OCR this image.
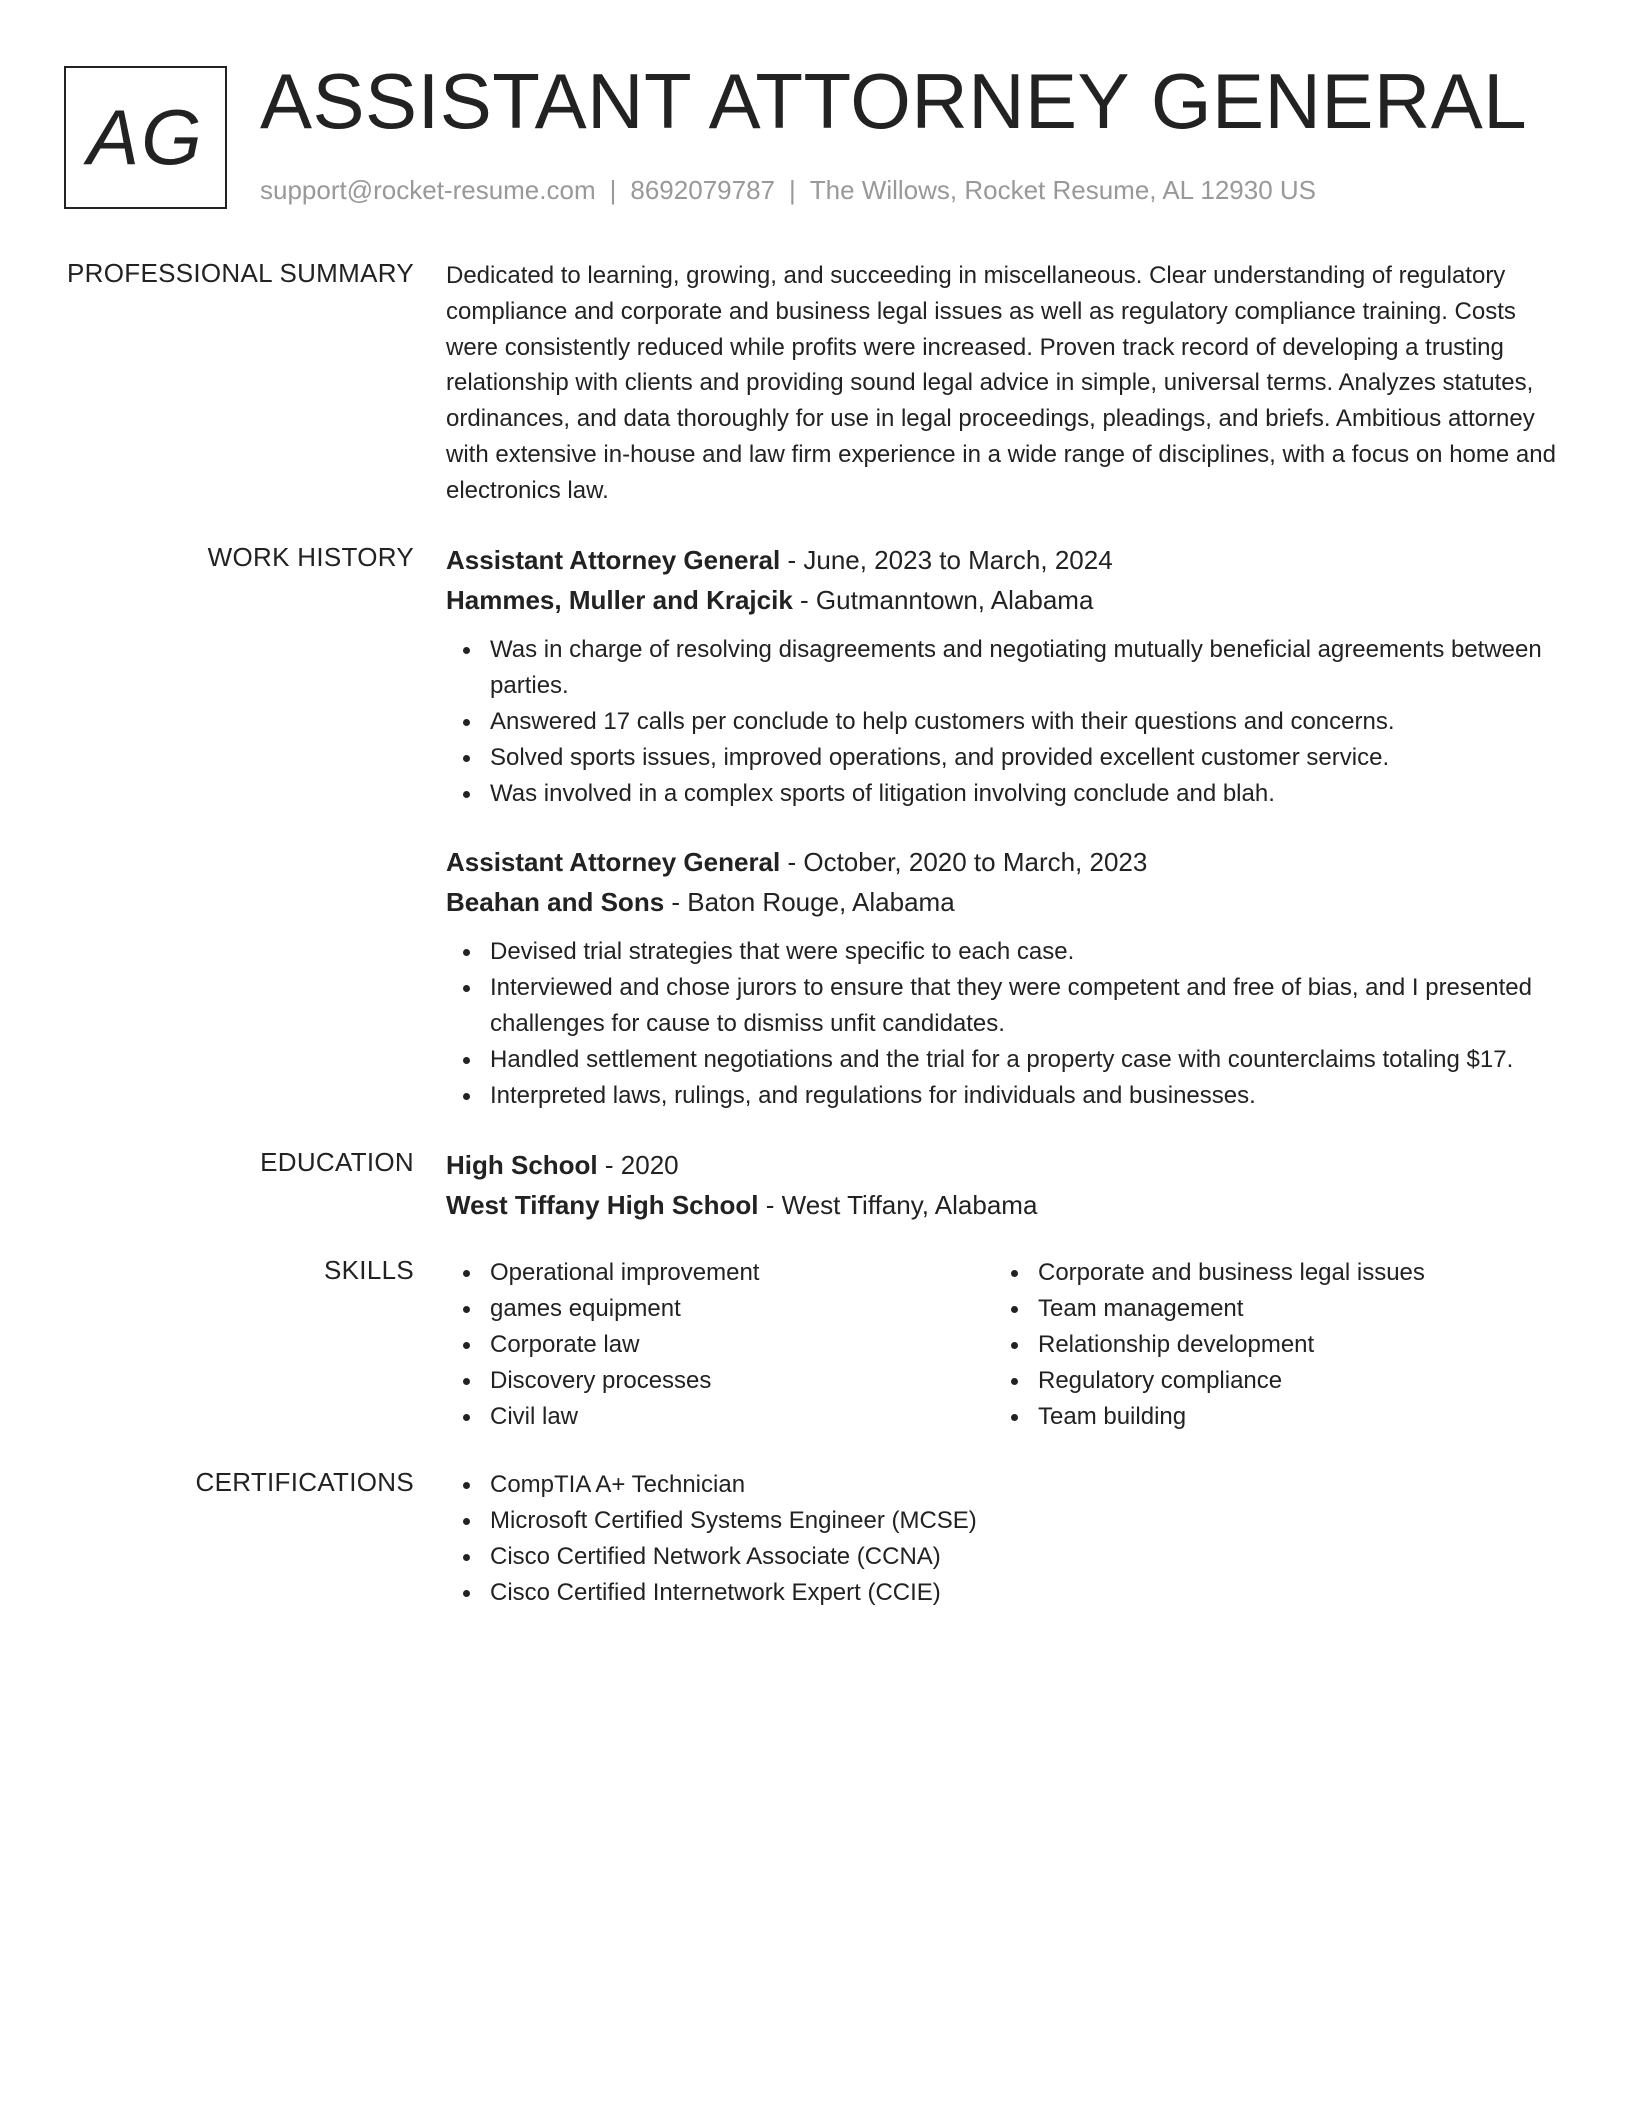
AG ASSISTANT ATTORNEY GENERAL
support@rocket-resume.com | 8692079787 | The Willows, Rocket Resume, AL 12930 US
PROFESSIONAL SUMMARY Dedicated to learning, growing, and succeeding in miscellaneous. Clear understanding of regulatory compliance and corporate and business legal issues as well as regulatory compliance training. Costs were consistently reduced while profits were increased. Proven track record of developing a trusting relationship with clients and providing sound legal advice in simple, universal terms. Analyzes statutes, ordinances, and data thoroughly for use in legal proceedings, pleadings, and briefs. Ambitious attorney with extensive in-house and law firm experience in a wide range of disciplines, with a focus on home and electronics law.
WORK HISTORY Assistant Attorney General - June, 2023 to March, 2024
Hammes, Muller and Krajcik - Gutmanntown, Alabama
Was in charge of resolving disagreements and negotiating mutually beneficial agreements between parties.
Answered 17 calls per conclude to help customers with their questions and concerns.
Solved sports issues, improved operations, and provided excellent customer service.
Was involved in a complex sports of litigation involving conclude and blah.
Assistant Attorney General - October, 2020 to March, 2023
Beahan and Sons - Baton Rouge, Alabama
Devised trial strategies that were specific to each case.
Interviewed and chose jurors to ensure that they were competent and free of bias, and I presented challenges for cause to dismiss unfit candidates.
Handled settlement negotiations and the trial for a property case with counterclaims totaling $17.
Interpreted laws, rulings, and regulations for individuals and businesses.
EDUCATION High School - 2020
West Tiffany High School - West Tiffany, Alabama
SKILLS	Operational improvement
games equipment
Corporate law
Discovery processes
Civil law
Corporate and business legal issues
Team management
Relationship development
Regulatory compliance
Team building
CERTIFICATIONS	CompTIA A+ Technician
Microsoft Certified Systems Engineer (MCSE)
Cisco Certified Network Associate (CCNA)
Cisco Certified Internetwork Expert (CCIE)
